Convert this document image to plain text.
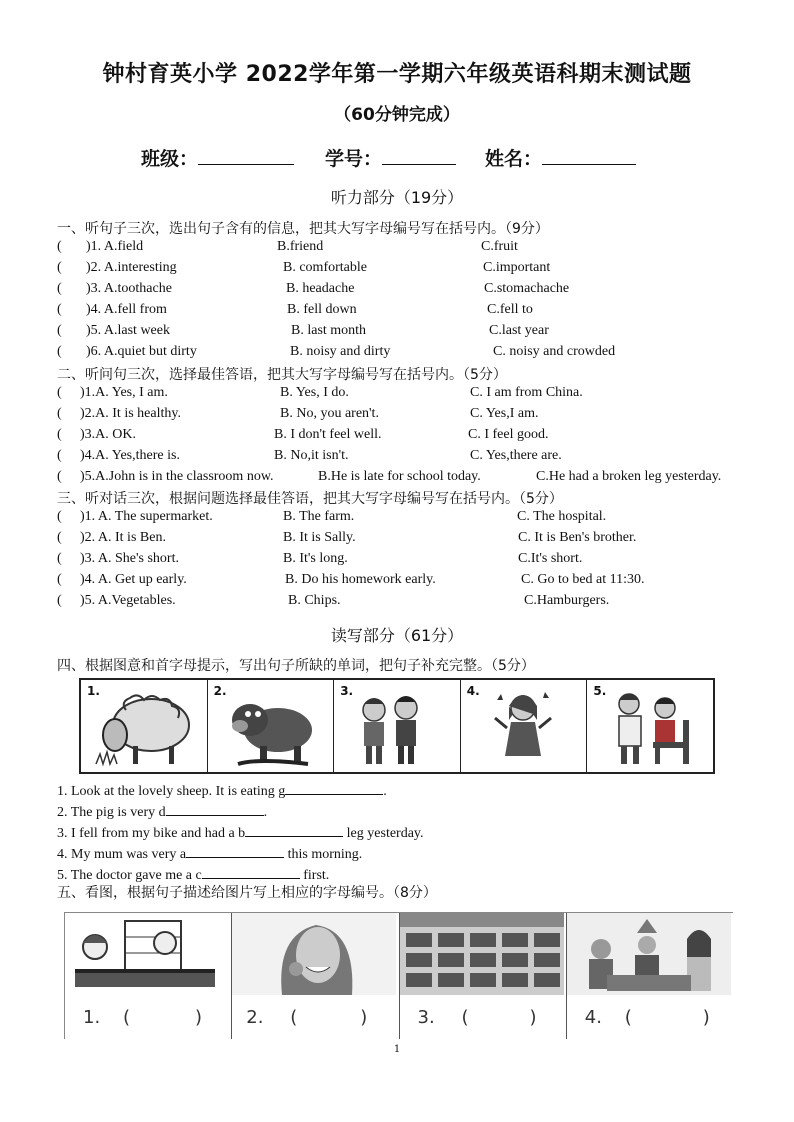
钟村育英小学 2022学年第一学期六年级英语科期末测试题
（60分钟完成）
班级：	学号：	姓名：
听力部分（19分）
一、听句子三次，选出句子含有的信息，把其大写字母编号写在括号内。（9分）
( )1. A.field	B.friend	C.fruit
( )2. A.interesting	B. comfortable	C.important
( )3. A.toothache	B. headache	C.stomachache
( )4. A.fell from	B. fell down	C.fell to
( )5. A.last week	B. last month	C.last year
( )6. A.quiet but dirty	B. noisy and dirty	C. noisy and crowded
二、听问句三次，选择最佳答语，把其大写字母编号写在括号内。（5分）
( )1.A. Yes, I am.	B. Yes, I do.	C. I am from China.
( )2.A. It is healthy.	B. No, you aren't.	C. Yes,I am.
( )3.A. OK.	B. I don't feel well.	C. I feel good.
( )4.A. Yes,there is.	B. No,it isn't.	C. Yes,there are.
( )5.A.John is in the classroom now.	B.He is late for school today.	C.He had a broken leg yesterday.
三、听对话三次，根据问题选择最佳答语，把其大写字母编号写在括号内。（5分）
( )1. A. The supermarket.	B. The farm.	C. The hospital.
( )2. A. It is Ben.	B. It is Sally.	C. It is Ben's brother.
( )3. A. She's short.	B. It's long.	C.It's short.
( )4. A. Get up early.	B. Do his homework early.	C. Go to bed at 11:30.
( )5. A.Vegetables.	B. Chips.	C.Hamburgers.
读写部分（61分）
四、根据图意和首字母提示，写出句子所缺的单词，把句子补充完整。（5分）
1.	2.	3.	4.	5.
1. Look at the lovely sheep. It is eating g	.
2. The pig is very d	.
3. I fell from my bike and had a b	leg yesterday.
4. My mum was very a	this morning.
5. The doctor gave me a c	first.
五、看图，根据句子描述给图片写上相应的字母编号。（8分）
1. (	) 2. (	)	3. (	)	4. (	)
1
